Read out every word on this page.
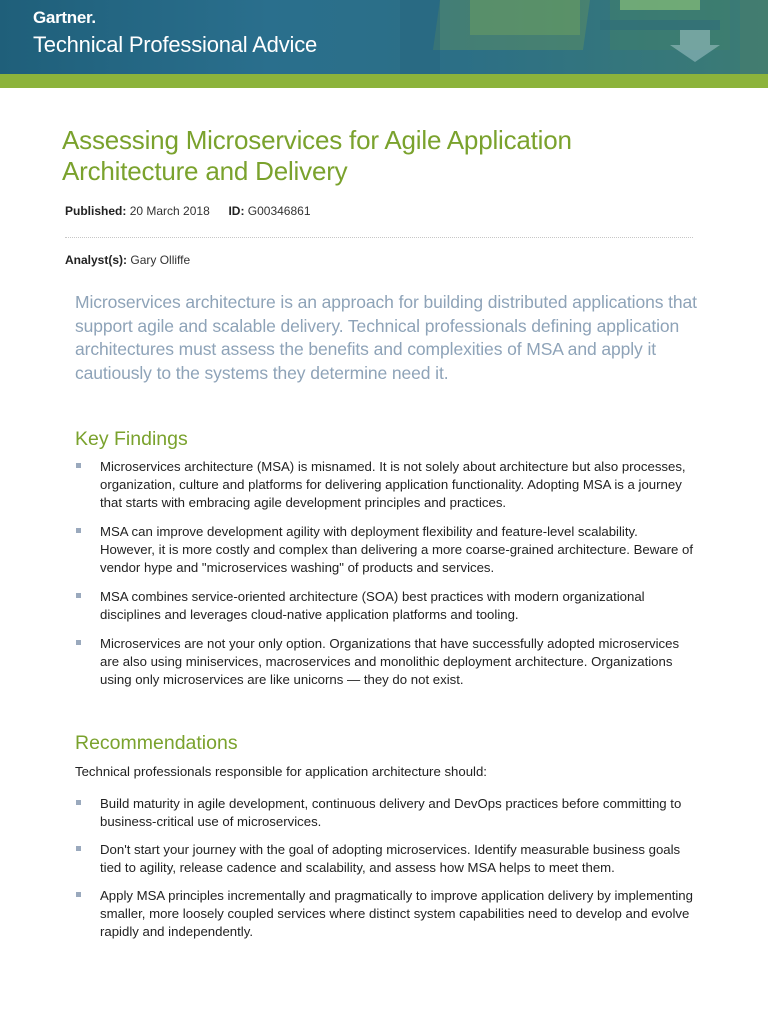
Gartner.
Technical Professional Advice
Assessing Microservices for Agile Application Architecture and Delivery
Published: 20 March 2018 ID: G00346861
Analyst(s): Gary Olliffe

Microservices architecture is an approach for building distributed applications that support agile and scalable delivery. Technical professionals defining application architectures must assess the benefits and complexities of MSA and apply it cautiously to the systems they determine need it.

Key Findings
Microservices architecture (MSA) is misnamed. It is not solely about architecture but also processes, organization, culture and platforms for delivering application functionality. Adopting MSA is a journey that starts with embracing agile development principles and practices.
MSA can improve development agility with deployment flexibility and feature-level scalability. However, it is more costly and complex than delivering a more coarse-grained architecture. Beware of vendor hype and "microservices washing" of products and services.
MSA combines service-oriented architecture (SOA) best practices with modern organizational disciplines and leverages cloud-native application platforms and tooling.
Microservices are not your only option. Organizations that have successfully adopted microservices are also using miniservices, macroservices and monolithic deployment architecture. Organizations using only microservices are like unicorns — they do not exist.
Recommendations
Technical professionals responsible for application architecture should:
Build maturity in agile development, continuous delivery and DevOps practices before committing to business-critical use of microservices.
Don't start your journey with the goal of adopting microservices. Identify measurable business goals tied to agility, release cadence and scalability, and assess how MSA helps to meet them.
Apply MSA principles incrementally and pragmatically to improve application delivery by implementing smaller, more loosely coupled services where distinct system capabilities need to develop and evolve rapidly and independently.
